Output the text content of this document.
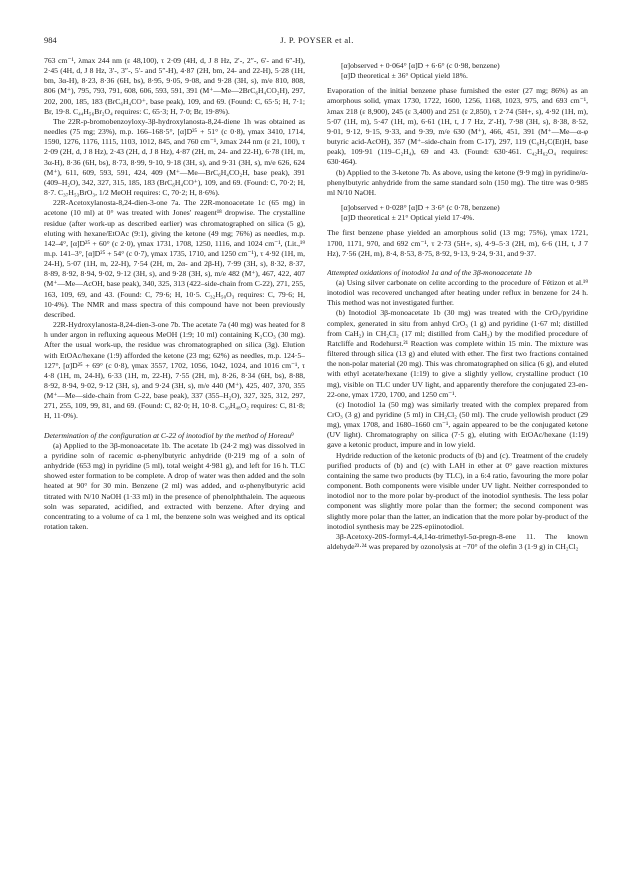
984	J. P. POYSER et al.

763 cm⁻¹, λmax 244 nm (ε 48,100), τ 2·09 (4H, d, J 8 Hz, 2′-, 2″-, 6′- and 6″-H), 2·45 (4H, d, J 8 Hz, 3′-, 3″-, 5′- and 5″-H), 4·87 (2H, bm, 24- and 22-H), 5·28 (1H, bm, 3α-H), 8·23, 8·36 (6H, bs), 8·95, 9·05, 9·08, and 9·28 (3H, s), m/e 810, 808, 806 (M⁺), 795, 793, 791, 608, 606, 593, 591, 391 (M⁺—Me—2BrC₆H₄CO₂H), 297, 202, 200, 185, 183 (BrC₆H₄CO⁺, base peak), 109, and 69. (Found: C, 65·5; H, 7·1; Br, 19·8. C₄₄H₅₆Br₂O₄ requires: C, 65·3; H, 7·0; Br, 19·8%).

The 22R-p-bromobenzoyloxy-3β-hydroxylanosta-8,24-diene 1h was obtained as needles (75 mg; 23%), m.p. 166–168·5°, [α]D²⁵ + 51° (c 0·8), γmax 3410, 1714, 1590, 1276, 1176, 1115, 1103, 1012, 845, and 760 cm⁻¹, λmax 244 nm (ε 21, 100), τ 2·09 (2H, d, J 8 Hz), 2·43 (2H, d, J 8 Hz), 4·87 (2H, m, 24- and 22-H), 6·78 (1H, m, 3α-H), 8·36 (6H, bs), 8·73, 8·99, 9·10, 9·18 (3H, s), and 9·31 (3H, s), m/e 626, 624 (M⁺), 611, 609, 593, 591, 424, 409 (M⁺—Me—BrC₆H₄CO₂H, base peak), 391 (409–H₂O), 342, 327, 315, 185, 183 (BrC₆H₄CO⁺), 109, and 69. (Found: C, 70·2; H, 8·7. C₃₇H₅₃BrO₃, 1/2 MeOH requires: C, 70·2; H, 8·6%).

22R-Acetoxylanosta-8,24-dien-3-one 7a. The 22R-monoacetate 1c (65 mg) in acetone (10 ml) at 0° was treated with Jones' reagent¹⁸ dropwise. The crystalline residue (after work-up as described earlier) was chromatographed on silica (5 g), eluting with hexane/EtOAc (9:1), giving the ketone (49 mg; 76%) as needles, m.p. 142–4°, [α]D²⁵ + 60° (c 2·0), γmax 1731, 1708, 1250, 1116, and 1024 cm⁻¹, (Lit.,¹⁹ m.p. 141–3°, [α]D²⁵ + 54° (c 0·7), γmax 1735, 1710, and 1250 cm⁻¹), τ 4·92 (1H, m, 24-H), 5·07 (1H, m, 22-H), 7·54 (2H, m, 2α- and 2β-H), 7·99 (3H, s), 8·32, 8·37, 8·89, 8·92, 8·94, 9·02, 9·12 (3H, s), and 9·28 (3H, s), m/e 482 (M⁺), 467, 422, 407 (M⁺—Me—AcOH, base peak), 340, 325, 313 (422–side-chain from C-22), 271, 255, 163, 109, 69, and 43. (Found: C, 79·6; H, 10·5. C₃₂H₅₀O₃ requires: C, 79·6; H, 10·4%). The NMR and mass spectra of this compound have not been previously described.

22R-Hydroxylanosta-8,24-dien-3-one 7b. The acetate 7a (40 mg) was heated for 8 h under argon in refluxing aqueous MeOH (1:9; 10 ml) containing K₂CO₃ (30 mg). After the usual work-up, the residue was chromatographed on silica (3g). Elution with EtOAc/hexane (1:9) afforded the ketone (23 mg; 62%) as needles, m.p. 124·5–127°, [α]D²⁵ + 69° (c 0·8), γmax 3557, 1702, 1056, 1042, 1024, and 1016 cm⁻¹, τ 4·8 (1H, m, 24-H), 6·33 (1H, m, 22-H), 7·55 (2H, m), 8·26, 8·34 (6H, bs), 8·88, 8·92, 8·94, 9·02, 9·12 (3H, s), and 9·24 (3H, s), m/e 440 (M⁺), 425, 407, 370, 355 (M⁺—Me—side-chain from C-22, base peak), 337 (355–H₂O), 327, 325, 312, 297, 271, 255, 109, 99, 81, and 69. (Found: C, 82·0; H, 10·8. C₃₀H₄₈O₂ requires: C, 81·8; H, 11·0%).

Determination of the configuration at C-22 of inotodiol by the method of Horeau⁹

(a) Applied to the 3β-monoacetate 1b. The acetate 1b (24·2 mg) was dissolved in a pyridine soln of racemic α-phenylbutyric anhydride (0·219 mg of a soln of anhydride (653 mg) in pyridine (5 ml), total weight 4·981 g), and left for 16 h. TLC showed ester formation to be complete. A drop of water was then added and the soln heated at 90° for 30 min. Benzene (2 ml) was added, and α-phenylbutyric acid titrated with N/10 NaOH (1·33 ml) in the presence of phenolphthalein. The aqueous soln was separated, acidified, and extracted with benzene. After drying and concentrating to a volume of ca 1 ml, the benzene soln was weighed and its optical rotation taken.

[α]observed + 0·064° [α]D + 6·6° (c 0·98, benzene)
[α]D theoretical ± 36° Optical yield 18%.

Evaporation of the initial benzene phase furnished the ester (27 mg; 86%) as an amorphous solid, γmax 1730, 1722, 1600, 1256, 1168, 1023, 975, and 693 cm⁻¹, λmax 218 (ε 8,900), 245 (ε 3,400) and 251 (ε 2,850), τ 2·74 (5H+, s), 4·92 (1H, m), 5·07 (1H, m), 5·47 (1H, m), 6·61 (1H, t, J 7 Hz, 2′-H), 7·98 (3H, s), 8·38, 8·52, 9·01, 9·12, 9·15, 9·33, and 9·39, m/e 630 (M⁺), 466, 451, 391 (M⁺—Me—α-φ butyric acid-AcOH), 357 (M⁺–side-chain from C-17), 297, 119 (C₆H₅C(Et)H, base peak), 109·91 (119–C₂H₄), 69 and 43. (Found: 630·461. C₄₂H₆₂O₄ requires: 630·464).

(b) Applied to the 3-ketone 7b. As above, using the ketone (9·9 mg) in pyridine/α-phenylbutyric anhydride from the same standard soln (150 mg). The titre was 0·985 ml N/10 NaOH.

[α]observed + 0·028° [α]D + 3·6° (c 0·78, benzene)
[α]D theoretical ± 21° Optical yield 17·4%.

The first benzene phase yielded an amorphous solid (13 mg; 75%), γmax 1721, 1700, 1171, 970, and 692 cm⁻¹, τ 2·73 (5H+, s), 4·9–5·3 (2H, m), 6·6 (1H, t, J 7 Hz), 7·56 (2H, m), 8·4, 8·53, 8·75, 8·92, 9·13, 9·24, 9·31, and 9·37.

Attempted oxidations of inotodiol 1a and of the 3β-monoacetate 1b

(a) Using silver carbonate on celite according to the procedure of Fétizon et al.¹⁹ inotodiol was recovered unchanged after heating under reflux in benzene for 24 h. This method was not investigated further.

(b) Inotodiol 3β-monoacetate 1b (30 mg) was treated with the CrO₃/pyridine complex, generated in situ from anhyd CrO₃ (1 g) and pyridine (1·67 ml; distilled from CaH₂) in CH₂Cl₂ (17 ml; distilled from CaH₂) by the modified procedure of Ratcliffe and Rodehurst.²¹ Reaction was complete within 15 min. The mixture was filtered through silica (13 g) and eluted with ether. The first two fractions contained the non-polar material (20 mg). This was chromatographed on silica (6 g), and eluted with ethyl acetate/hexane (1:19) to give a slightly yellow, crystalline product (10 mg), visible on TLC under UV light, and apparently therefore the conjugated 23-en-22-one, γmax 1720, 1700, and 1250 cm⁻¹.

(c) Inotodiol 1a (50 mg) was similarly treated with the complex prepared from CrO₃ (3 g) and pyridine (5 ml) in CH₂Cl₂ (50 ml). The crude yellowish product (29 mg), γmax 1708, and 1680–1660 cm⁻¹, again appeared to be the conjugated ketone (UV light). Chromatography on silica (7·5 g), eluting with EtOAc/hexane (1:19) gave a ketonic product, impure and in low yield.

Hydride reduction of the ketonic products of (b) and (c). Treatment of the crudely purified products of (b) and (c) with LAH in ether at 0° gave reaction mixtures containing the same two products (by TLC), in a 6:4 ratio, favouring the more polar component. Both components were visible under UV light. Neither corresponded to inotodiol nor to the more polar by-product of the inotodiol synthesis. The less polar component was slightly more polar than the former; the second component was slightly more polar than the latter, an indication that the more polar by-product of the inotodiol synthesis may be 22S-epiinotodiol.

3β-Acetoxy-20S-formyl-4,4,14α-trimethyl-5α-pregn-8-ene 11. The known aldehyde²³·²⁴ was prepared by ozonolysis at −70° of the olefin 3 (1·9 g) in CH₂Cl₂
